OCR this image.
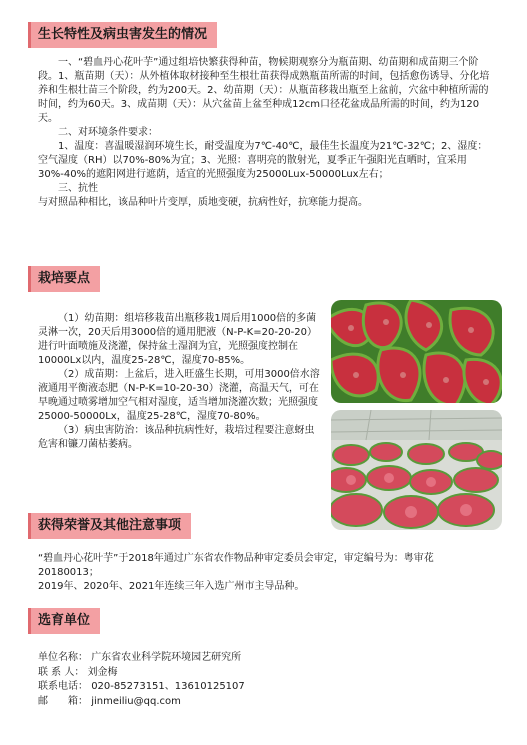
生长特性及病虫害发生的情况

一、“碧血丹心花叶芋”通过组培快繁获得种苗，物候期观察分为瓶苗期、幼苗期和成苗期三个阶段。1、瓶苗期（天）：从外植体取材接种至生根壮苗获得成熟瓶苗所需的时间，包括愈伤诱导、分化培养和生根壮苗三个阶段，约为200天。2、幼苗期（天）：从瓶苗移栽出瓶至上盆前，穴盆中种植所需的时间，约为60天。3、成苗期（天）：从穴盆苗上盆至种成12cm口径花盆成品所需的时间，约为120天。

二、对环境条件要求：

1、温度：喜温暖湿润环境生长，耐受温度为7℃-40℃，最佳生长温度为21℃-32℃；2、湿度：空气湿度（RH）以70%-80%为宜；3、光照：喜明亮的散射光，夏季正午强阳光直晒时，宜采用30%-40%的遮阳网进行遮荫，适宜的光照强度为25000Lux-50000Lux左右；

三、抗性

与对照品种相比，该品种叶片变厚，质地变硬，抗病性好，抗寒能力提高。

栽培要点

（1）幼苗期：组培移栽苗出瓶移栽1周后用1000倍的多菌灵淋一次，20天后用3000倍的通用肥液（N-P-K=20-20-20）进行叶面喷施及浇灌，保持盆土湿润为宜，光照强度控制在10000Lx以内，温度25-28℃，湿度70-85%。

（2）成苗期：上盆后，进入旺盛生长期，可用3000倍水溶液通用平衡液态肥（N-P-K=10-20-30）浇灌，高温天气，可在早晚通过喷雾增加空气相对湿度，适当增加浇灌次数；光照强度25000-50000Lx，温度25-28℃，湿度70-80%。

（3）病虫害防治：该品种抗病性好，栽培过程要注意蚜虫危害和镰刀菌枯萎病。

获得荣誉及其他注意事项

“碧血丹心花叶芋”于2018年通过广东省农作物品种审定委员会审定，审定编号为：粤审花20180013；

2019年、2020年、2021年连续三年入选广州市主导品种。

选育单位
单位名称： 广东省农业科学院环境园艺研究所
联 系 人： 刘金梅
联系电话： 020-85273151、13610125107
邮　　箱： jinmeiliu@qq.com
